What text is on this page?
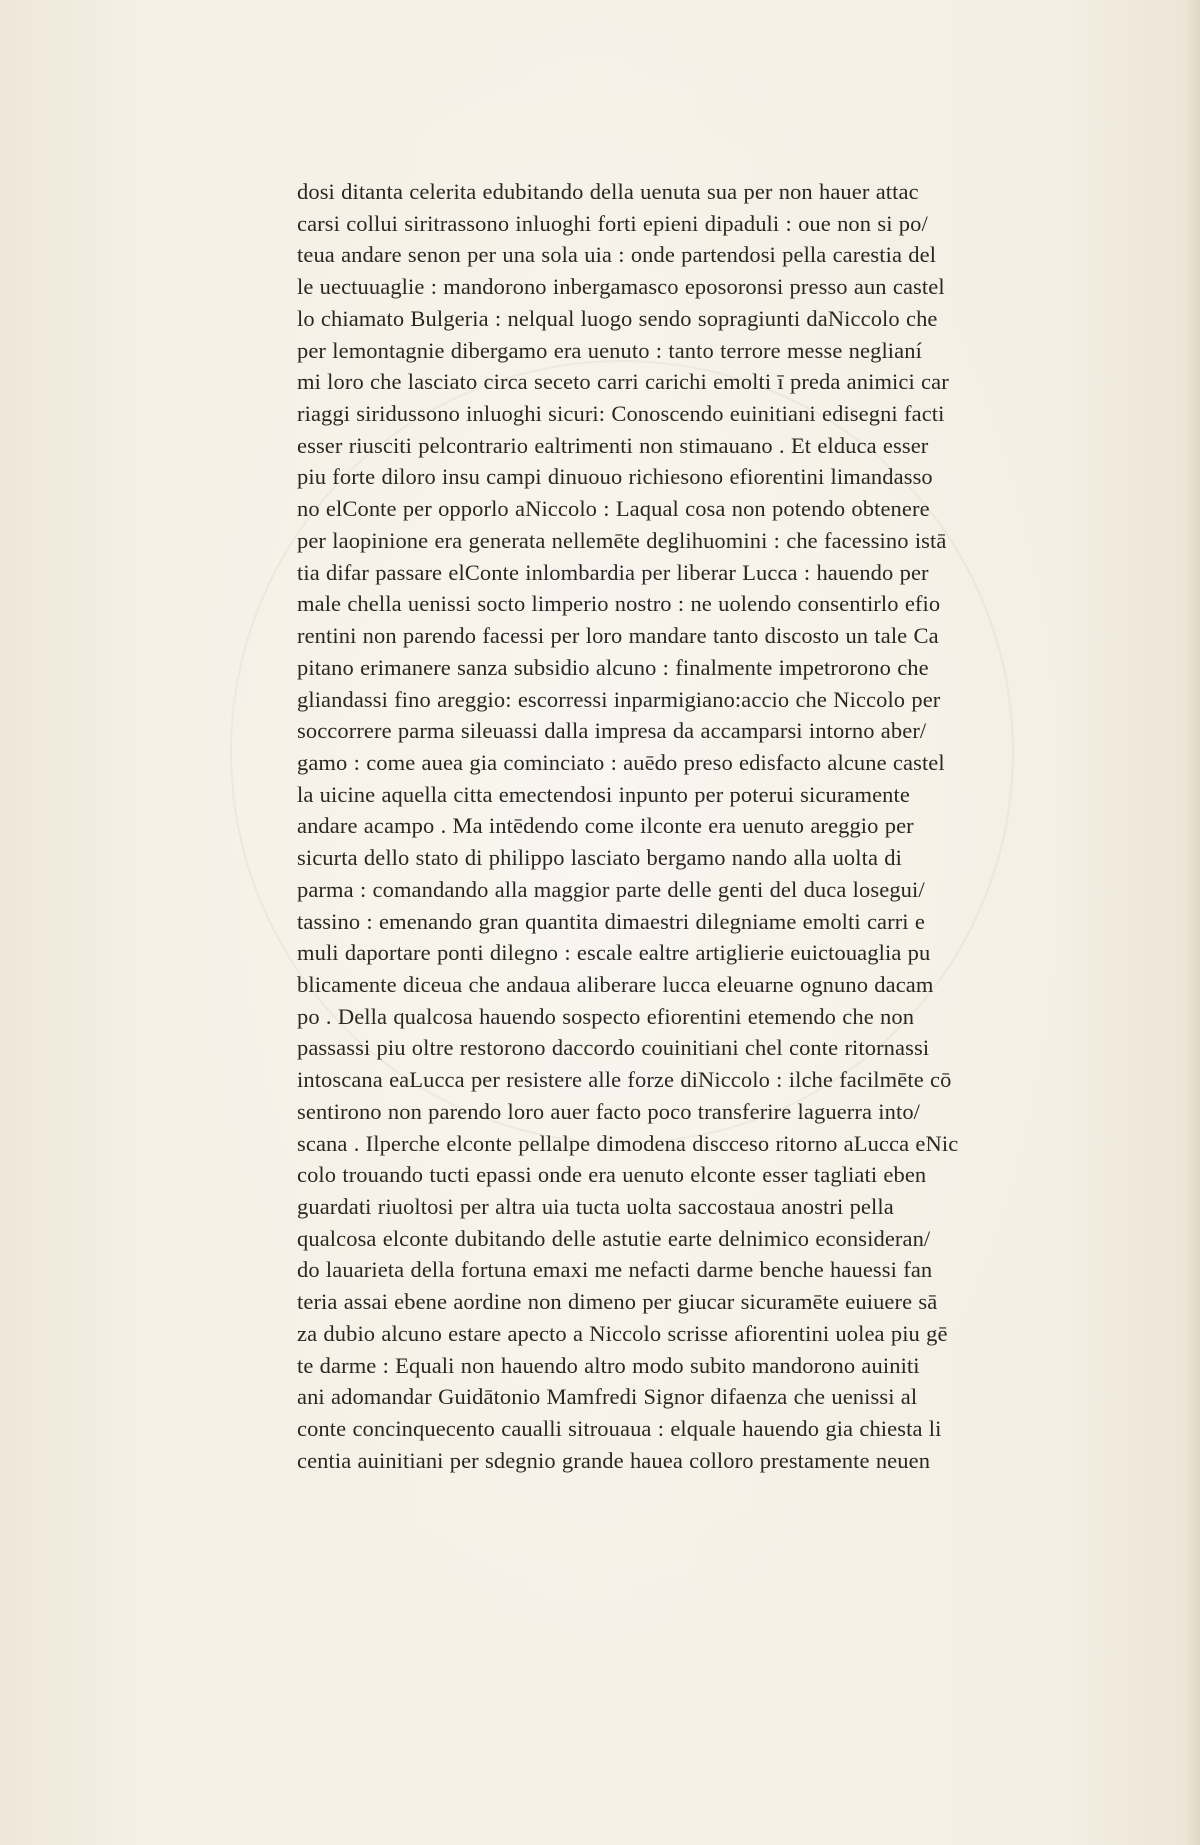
dosi ditanta celerita edubitando della uenuta sua per non hauer attac
carsi collui siritrassono inluoghi forti epieni dipaduli : oue non si po/
teua andare senon per una sola uia : onde partendosi pella carestia del
le uectuuaglie : mandorono inbergamasco eposoronsi presso aun castel
lo chiamato Bulgeria : nelqual luogo sendo sopragiunti daNiccolo che
per lemontagnie dibergamo era uenuto : tanto terrore messe neglianí
mi loro che lasciato circa seceto carri carichi emolti ī preda animici car
riaggi siridussono inluoghi sicuri: Conoscendo euinitiani edisegni facti
esser riusciti pelcontrario ealtrimenti non stimauano . Et elduca esser
piu forte diloro insu campi dinuouo richiesono efiorentini limandasso
no elConte per opporlo aNiccolo : Laqual cosa non potendo obtenere
per laopinione era generata nellemēte deglihuomini : che facessino istā
tia difar passare elConte inlombardia per liberar Lucca : hauendo per
male chella uenissi socto limperio nostro : ne uolendo consentirlo efio
rentini non parendo facessi per loro mandare tanto discosto un tale Ca
pitano erimanere sanza subsidio alcuno : finalmente impetrorono che
gliandassi fino areggio: escorressi inparmigiano:accio che Niccolo per
soccorrere parma sileuassi dalla impresa da accamparsi intorno aber/
gamo : come auea gia cominciato : auēdo preso edisfacto alcune castel
la uicine aquella citta emectendosi inpunto per poterui sicuramente
andare acampo . Ma intēdendo come ilconte era uenuto areggio per
sicurta dello stato di philippo lasciato bergamo nando alla uolta di
parma : comandando alla maggior parte delle genti del duca losegui/
tassino : emenando gran quantita dimaestri dilegniame emolti carri e
muli daportare ponti dilegno : escale ealtre artiglierie euictouaglia pu
blicamente diceua che andaua aliberare lucca eleuarne ognuno dacam
po . Della qualcosa hauendo sospecto efiorentini etemendo che non
passassi piu oltre restorono daccordo couinitiani chel conte ritornassi
intoscana eaLucca per resistere alle forze diNiccolo : ilche facilmēte cō
sentirono non parendo loro auer facto poco transferire laguerra into/
scana . Ilperche elconte pellalpe dimodena discceso ritorno aLucca eNic
colo trouando tucti epassi onde era uenuto elconte esser tagliati eben
guardati riuoltosi per altra uia tucta uolta saccostaua anostri pella
qualcosa elconte dubitando delle astutie earte delnimico econsideran/
do lauarieta della fortuna emaxi me nefacti darme benche hauessi fan
teria assai ebene aordine non dimeno per giucar sicuramēte euiuere sā
za dubio alcuno estare apecto a Niccolo scrisse afiorentini uolea piu gē
te darme : Equali non hauendo altro modo subito mandorono auiniti
ani adomandar Guidātonio Mamfredi Signor difaenza che uenissi al
conte concinquecento caualli sitrouaua : elquale hauendo gia chiesta li
centia auinitiani per sdegnio grande hauea colloro prestamente neuen
